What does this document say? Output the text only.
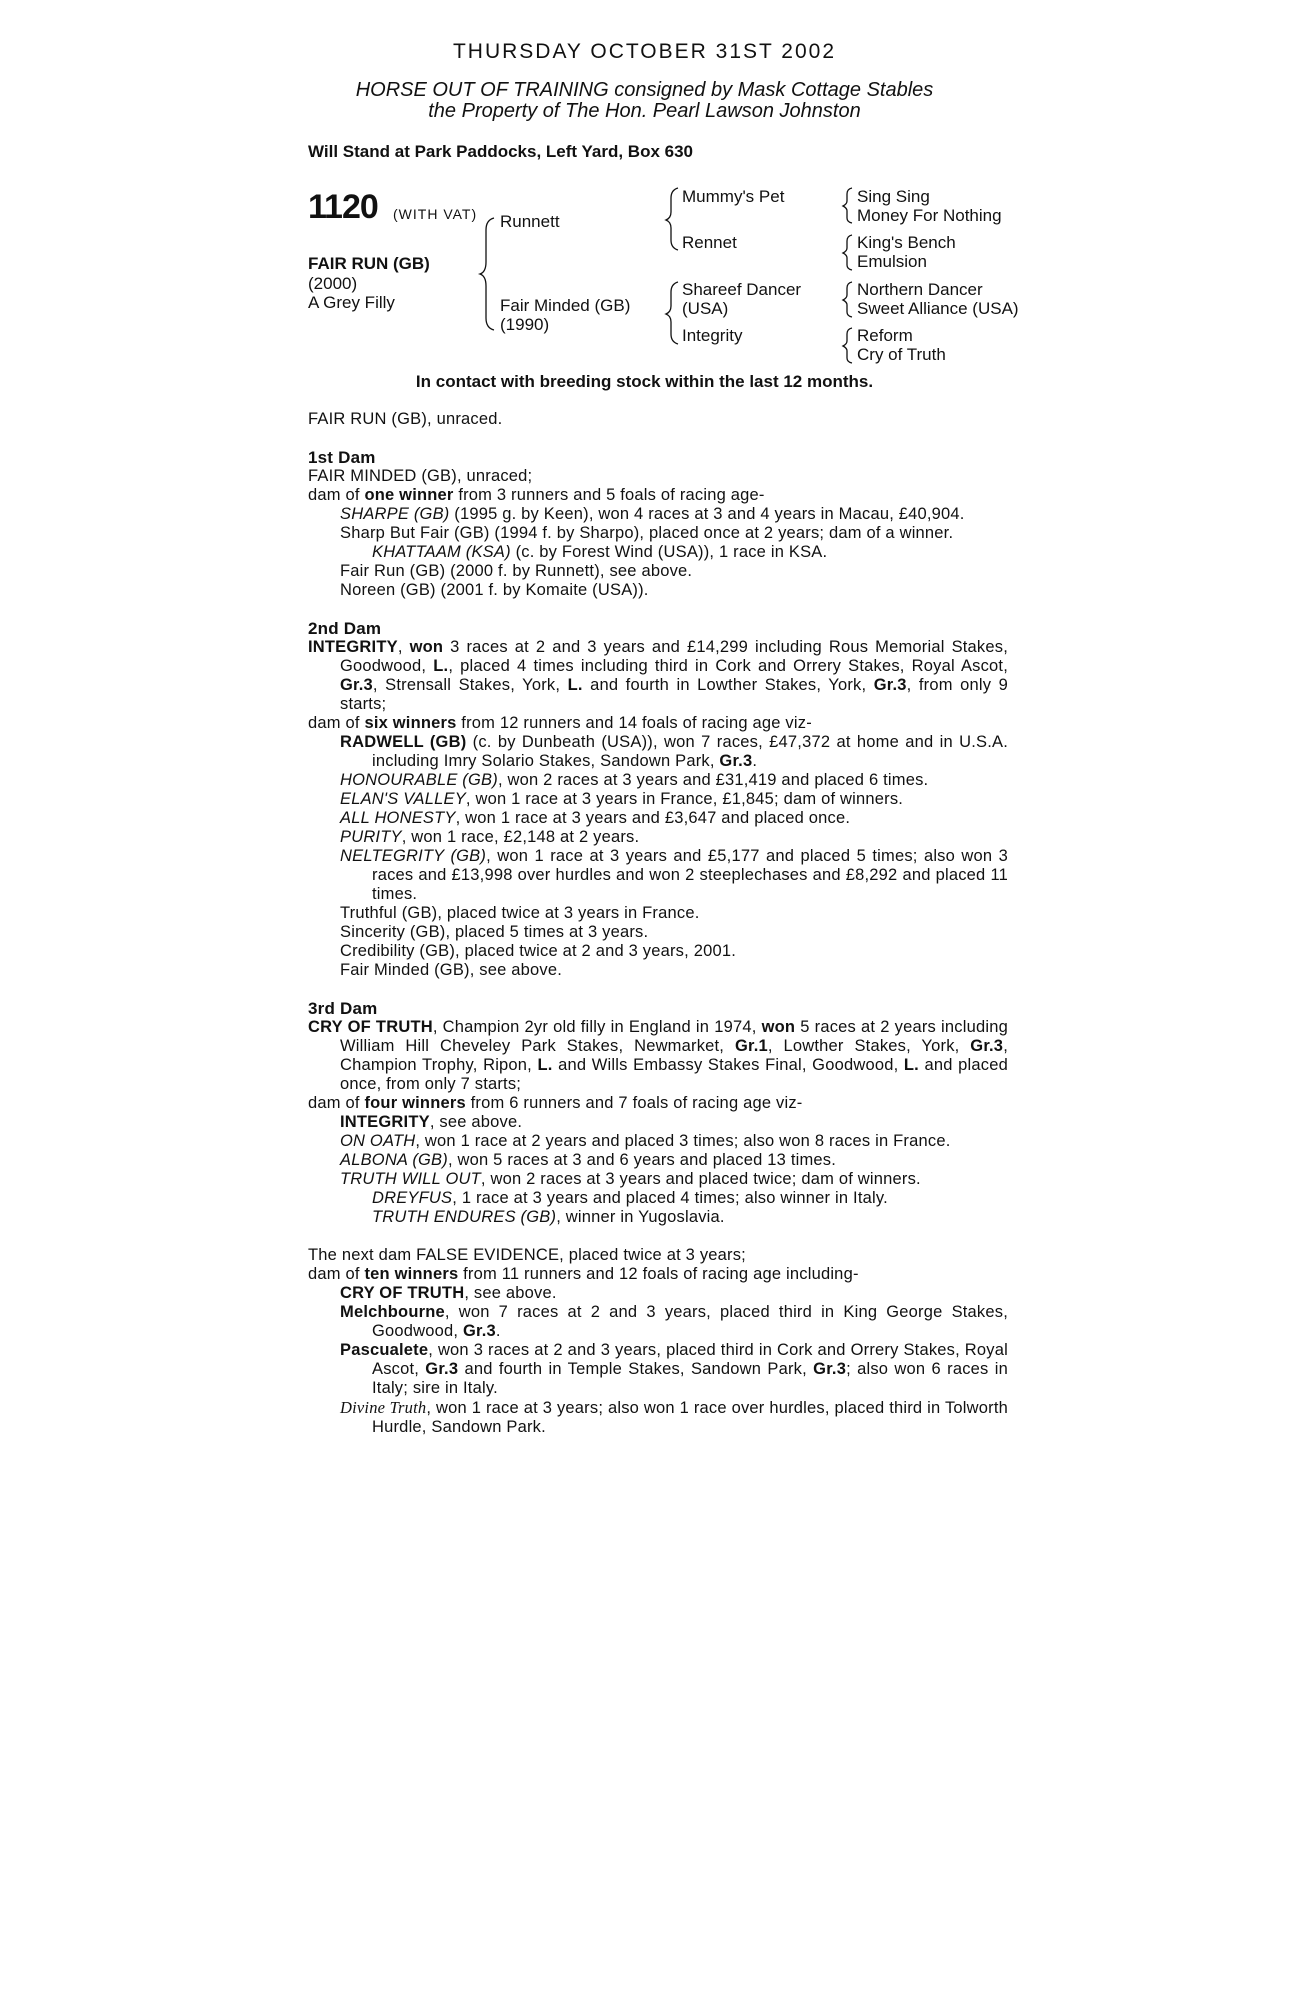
THURSDAY OCTOBER 31ST 2002
HORSE OUT OF TRAINING consigned by Mask Cottage Stables
the Property of The Hon. Pearl Lawson Johnston
Will Stand at Park Paddocks, Left Yard, Box 630
1120 (WITH VAT)
FAIR RUN (GB)
(2000)
A Grey Filly
Runnett
Fair Minded (GB)
(1990)
Mummy's Pet
Rennet
Shareef Dancer
(USA)
Integrity
Sing Sing
Money For Nothing
King's Bench
Emulsion
Northern Dancer
Sweet Alliance (USA)
Reform
Cry of Truth
In contact with breeding stock within the last 12 months.

FAIR RUN (GB), unraced.

1st Dam

FAIR MINDED (GB), unraced;

dam of one winner from 3 runners and 5 foals of racing age-

SHARPE (GB) (1995 g. by Keen), won 4 races at 3 and 4 years in Macau, £40,904.

Sharp But Fair (GB) (1994 f. by Sharpo), placed once at 2 years; dam of a winner.

KHATTAAM (KSA) (c. by Forest Wind (USA)), 1 race in KSA.

Fair Run (GB) (2000 f. by Runnett), see above.

Noreen (GB) (2001 f. by Komaite (USA)).

2nd Dam

INTEGRITY, won 3 races at 2 and 3 years and £14,299 including Rous Memorial Stakes, Goodwood, L., placed 4 times including third in Cork and Orrery Stakes, Royal Ascot, Gr.3, Strensall Stakes, York, L. and fourth in Lowther Stakes, York, Gr.3, from only 9 starts;

dam of six winners from 12 runners and 14 foals of racing age viz-

RADWELL (GB) (c. by Dunbeath (USA)), won 7 races, £47,372 at home and in U.S.A. including Imry Solario Stakes, Sandown Park, Gr.3.

HONOURABLE (GB), won 2 races at 3 years and £31,419 and placed 6 times.

ELAN'S VALLEY, won 1 race at 3 years in France, £1,845; dam of winners.

ALL HONESTY, won 1 race at 3 years and £3,647 and placed once.

PURITY, won 1 race, £2,148 at 2 years.

NELTEGRITY (GB), won 1 race at 3 years and £5,177 and placed 5 times; also won 3 races and £13,998 over hurdles and won 2 steeplechases and £8,292 and placed 11 times.

Truthful (GB), placed twice at 3 years in France.

Sincerity (GB), placed 5 times at 3 years.

Credibility (GB), placed twice at 2 and 3 years, 2001.

Fair Minded (GB), see above.

3rd Dam

CRY OF TRUTH, Champion 2yr old filly in England in 1974, won 5 races at 2 years including William Hill Cheveley Park Stakes, Newmarket, Gr.1, Lowther Stakes, York, Gr.3, Champion Trophy, Ripon, L. and Wills Embassy Stakes Final, Goodwood, L. and placed once, from only 7 starts;

dam of four winners from 6 runners and 7 foals of racing age viz-

INTEGRITY, see above.

ON OATH, won 1 race at 2 years and placed 3 times; also won 8 races in France.

ALBONA (GB), won 5 races at 3 and 6 years and placed 13 times.

TRUTH WILL OUT, won 2 races at 3 years and placed twice; dam of winners.

DREYFUS, 1 race at 3 years and placed 4 times; also winner in Italy.

TRUTH ENDURES (GB), winner in Yugoslavia.

The next dam FALSE EVIDENCE, placed twice at 3 years;

dam of ten winners from 11 runners and 12 foals of racing age including-

CRY OF TRUTH, see above.

Melchbourne, won 7 races at 2 and 3 years, placed third in King George Stakes, Goodwood, Gr.3.

Pascualete, won 3 races at 2 and 3 years, placed third in Cork and Orrery Stakes, Royal Ascot, Gr.3 and fourth in Temple Stakes, Sandown Park, Gr.3; also won 6 races in Italy; sire in Italy.

Divine Truth, won 1 race at 3 years; also won 1 race over hurdles, placed third in Tolworth Hurdle, Sandown Park.
